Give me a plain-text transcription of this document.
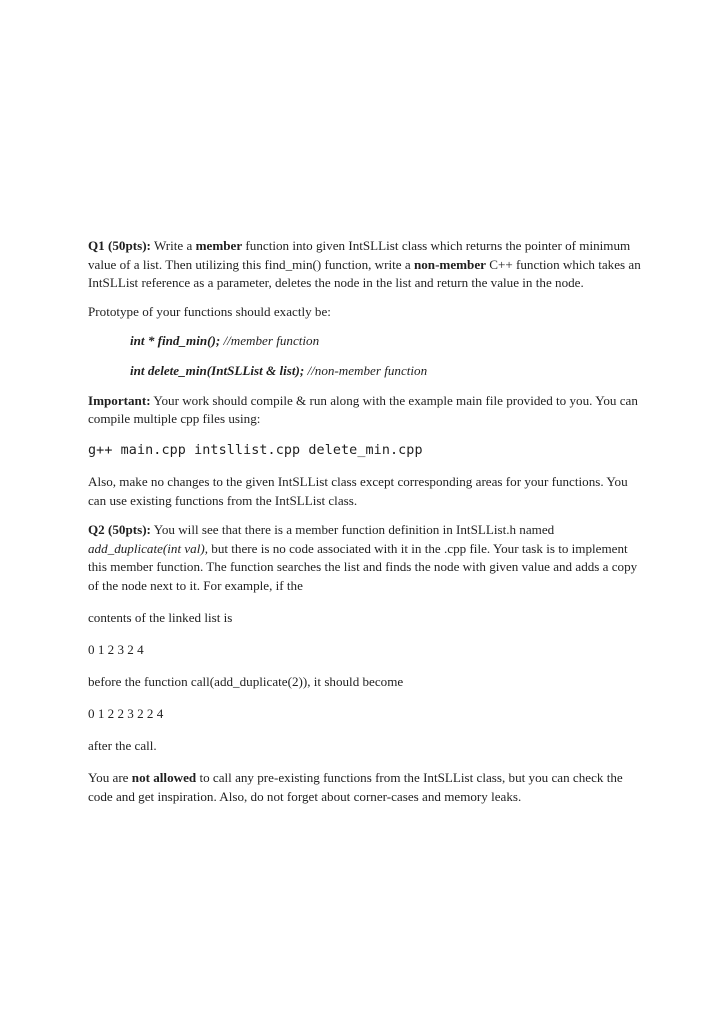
Q1 (50pts): Write a member function into given IntSLList class which returns the pointer of minimum value of a list. Then utilizing this find_min() function, write a non-member C++ function which takes an IntSLList reference as a parameter, deletes the node in the list and return the value in the node.

Prototype of your functions should exactly be:

int * find_min(); //member function

int delete_min(IntSLList & list); //non-member function

Important: Your work should compile & run along with the example main file provided to you. You can compile multiple cpp files using:

g++ main.cpp intsllist.cpp delete_min.cpp

Also, make no changes to the given IntSLList class except corresponding areas for your functions. You can use existing functions from the IntSLList class.

Q2 (50pts): You will see that there is a member function definition in IntSLList.h named add_duplicate(int val), but there is no code associated with it in the .cpp file. Your task is to implement this member function. The function searches the list and finds the node with given value and adds a copy of the node next to it. For example, if the

contents of the linked list is

0 1 2 3 2 4

before the function call(add_duplicate(2)), it should become

0 1 2 2 3 2 2 4

after the call.

You are not allowed to call any pre-existing functions from the IntSLList class, but you can check the code and get inspiration. Also, do not forget about corner-cases and memory leaks.
